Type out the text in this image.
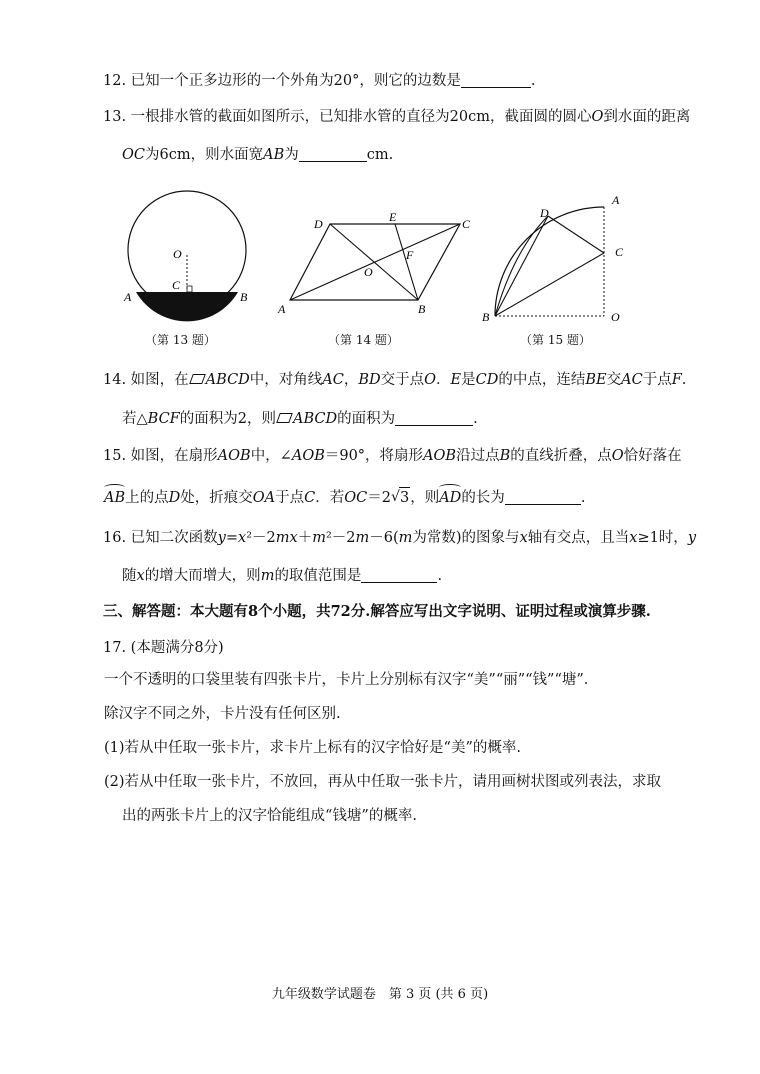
12. 已知一个正多边形的一个外角为20°，则它的边数是	.
13. 一根排水管的截面如图所示，已知排水管的直径为20cm，截面圆的圆心O到水面的距离
OC为6cm，则水面宽AB为	cm.
O
C
A	B
（第 13 题）
D	E	C
F
O
A	B
（第 14 题）
A
D
C
B	O
（第 15 题）
14. 如图，在 ABCD中，对角线AC，BD交于点O．E是CD的中点，连结BE交AC于点F.
若△BCF的面积为2，则 ABCD的面积为	.
15. 如图，在扇形AOB中，∠AOB＝90°，将扇形AOB沿过点B的直线折叠，点O恰好落在
AB上的点D处，折痕交OA于点C．若OC＝2 √ 3，则AD的长为	.
16. 已知二次函数y=x²－2mx＋m²－2m－6(m为常数)的图象与x轴有交点，且当x≥1时，y
随x的增大而增大，则m的取值范围是	.
三、解答题：本大题有8个小题，共72分.解答应写出文字说明、证明过程或演算步骤.
17. (本题满分8分)
一个不透明的口袋里装有四张卡片，卡片上分别标有汉字“美”“丽”“钱”“塘”．
除汉字不同之外，卡片没有任何区别.
(1)若从中任取一张卡片，求卡片上标有的汉字恰好是“美”的概率.
(2)若从中任取一张卡片，不放回，再从中任取一张卡片，请用画树状图或列表法，求取
出的两张卡片上的汉字恰能组成“钱塘”的概率.
九年级数学试题卷　第 3 页 (共 6 页)
